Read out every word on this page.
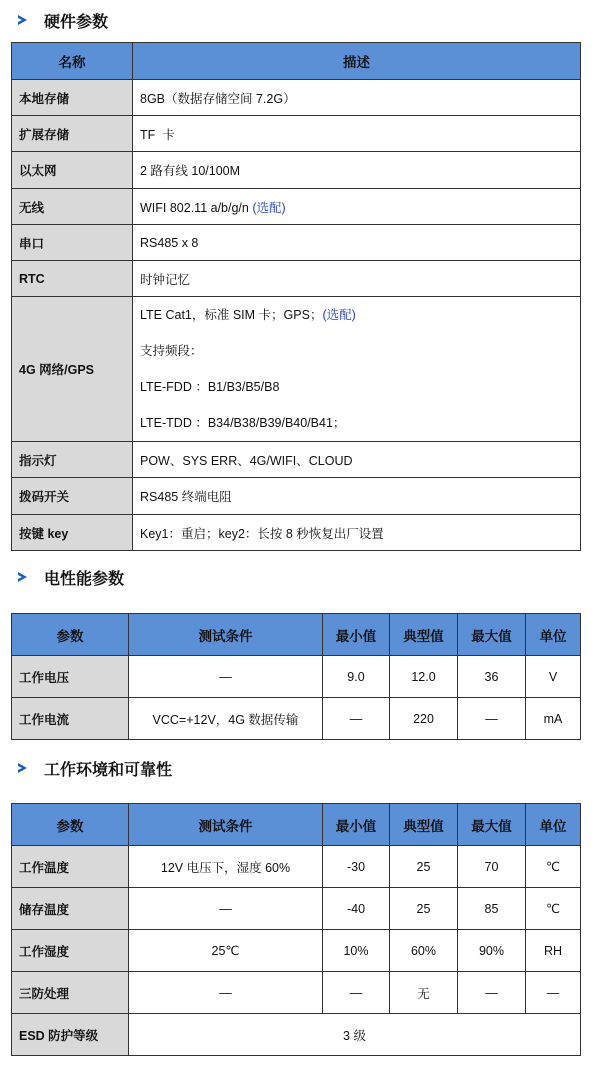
硬件参数
名称	描述
本地存储	8GB（数据存储空间 7.2G）
扩展存储	TF  卡
以太网	2 路有线 10/100M
无线	WIFI 802.11 a/b/g/n (选配)
串口	RS485 x 8
RTC	时钟记忆
4G 网络/GPS	LTE Cat1，标准 SIM 卡；GPS；(选配)
支持频段：
LTE-FDD ：B1/B3/B5/B8
LTE-TDD ：B34/B38/B39/B40/B41；

指示灯	POW、SYS ERR、4G/WIFI、CLOUD
拨码开关	RS485 终端电阻
按键 key	Key1：重启；key2：长按 8 秒恢复出厂设置
电性能参数
参数	测试条件	最小值	典型值	最大值	单位
工作电压	—	9.0	12.0	36	V
工作电流	VCC=+12V，4G 数据传输	—	220	—	mA
工作环境和可靠性
参数	测试条件	最小值	典型值	最大值	单位
工作温度	12V 电压下，湿度 60%	-30	25	70	℃
储存温度	—	-40	25	85	℃
工作湿度	25℃	10%	60%	90%	RH
三防处理	—	—	无	—	—
ESD 防护等级	3 级				
